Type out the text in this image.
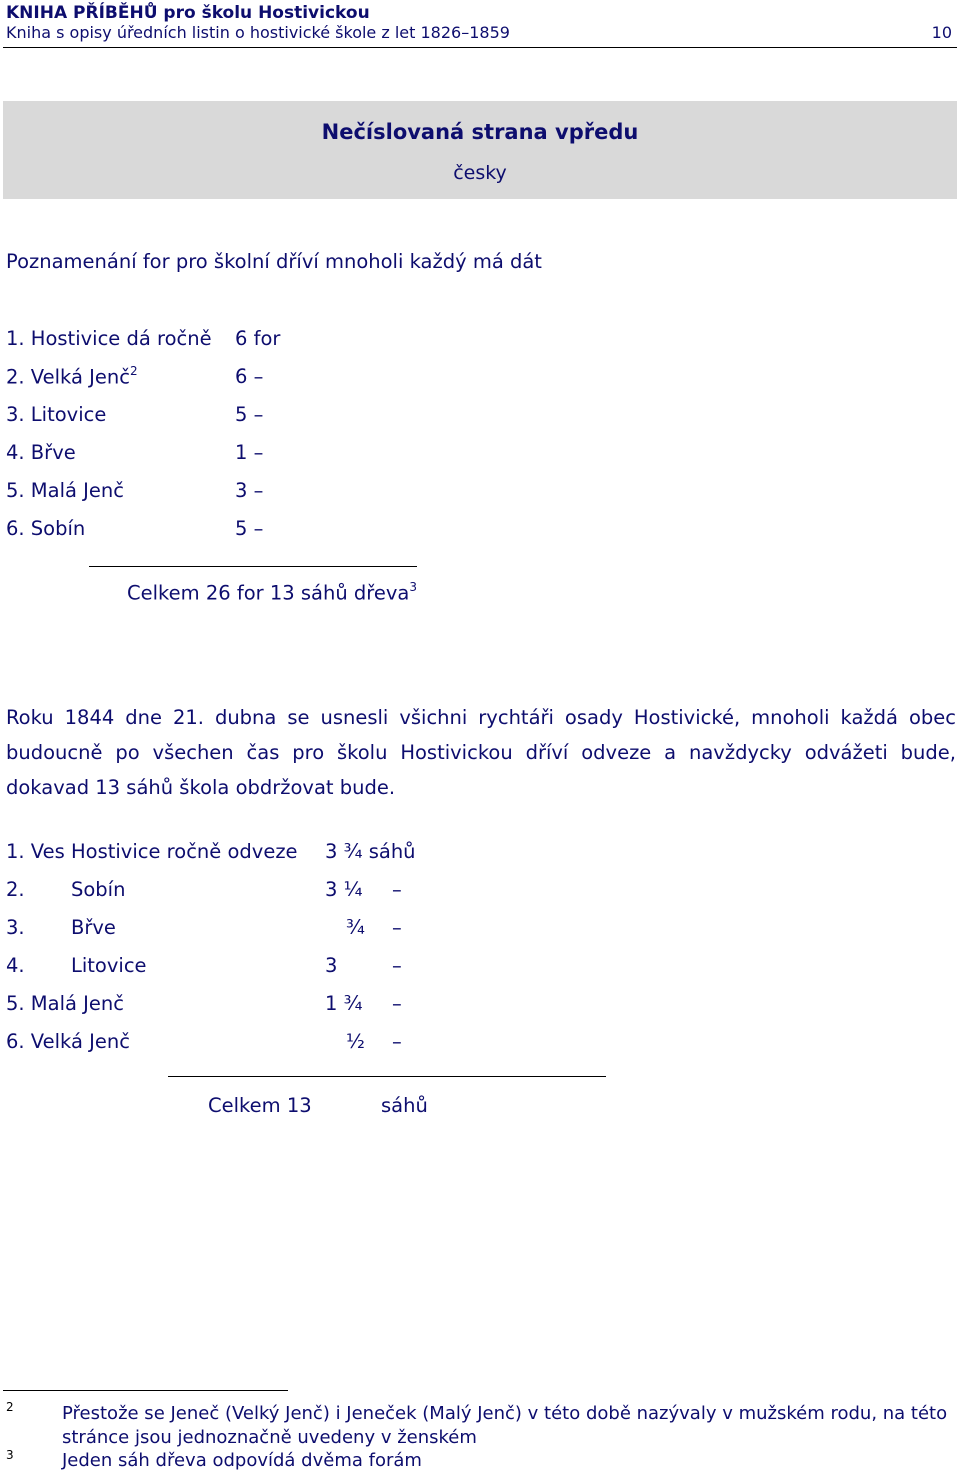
KNIHA PŘÍBĚHŮ pro školu Hostivickou
Kniha s opisy úředních listin o hostivické škole z let 1826–1859	10
Nečíslovaná strana vpředu
česky
Poznamenání for pro školní dříví mnoholi každý má dát
1. Hostivice dá ročně 6 for
2. Velká Jenč$^2$	6 –
3. Litovice	5 –
4. Břve	1 –
5. Malá Jenč	3 –
6. Sobín	5 –
Celkem 26 for 13 sáhů dřeva$^3$
Roku 1844 dne 21. dubna se usnesli všichni rychtáři osady Hostivické, mnoholi každá obec budoucně po všechen čas pro školu Hostivickou dříví odveze a navždycky odvážeti bude, dokavad 13 sáhů škola obdržovat bude.
1. Ves Hostivice ročně odveze 3 ¾ sáhů
2. Sobín	3 ¼ –
3. Břve	¾ –
4. Litovice	3	–
5. Malá Jenč	1 ¾ –
6. Velká Jenč	½ –
Celkem 13	sáhů
2	Přestože se Jeneč (Velký Jenč) i Jeneček (Malý Jenč) v této době nazývaly v mužském rodu, na této
stránce jsou jednoznačně uvedeny v ženském
3	Jeden sáh dřeva odpovídá dvěma forám
